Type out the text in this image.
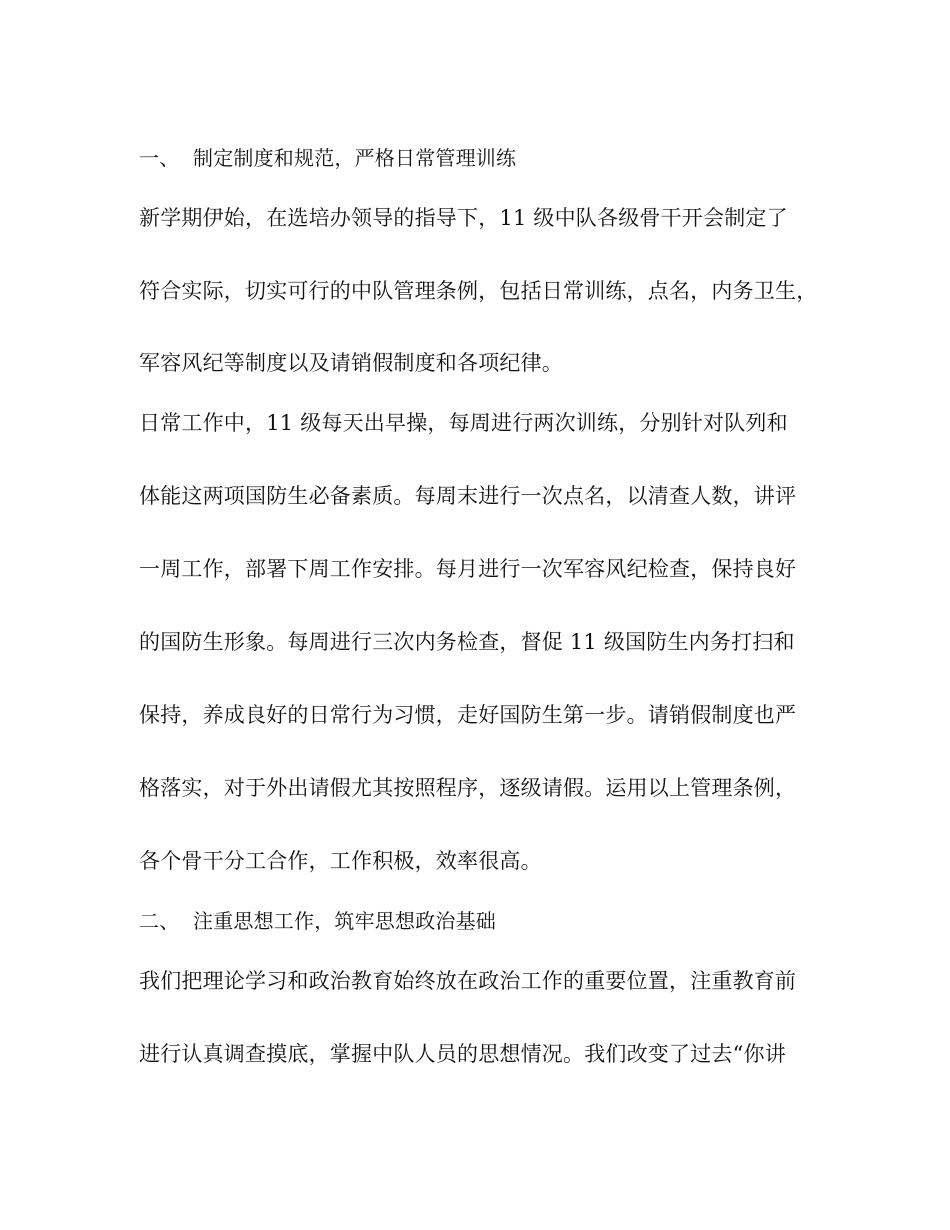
一、 制定制度和规范，严格日常管理训练
新学期伊始，在选培办领导的指导下，11 级中队各级骨干开会制定了
符合实际，切实可行的中队管理条例，包括日常训练，点名，内务卫生，
军容风纪等制度以及请销假制度和各项纪律。
日常工作中，11 级每天出早操，每周进行两次训练，分别针对队列和
体能这两项国防生必备素质。每周末进行一次点名，以清查人数，讲评
一周工作，部署下周工作安排。每月进行一次军容风纪检查，保持良好
的国防生形象。每周进行三次内务检查，督促 11 级国防生内务打扫和
保持，养成良好的日常行为习惯，走好国防生第一步。请销假制度也严
格落实，对于外出请假尤其按照程序，逐级请假。运用以上管理条例，
各个骨干分工合作，工作积极，效率很高。
二、 注重思想工作，筑牢思想政治基础
我们把理论学习和政治教育始终放在政治工作的重要位置，注重教育前
进行认真调查摸底，掌握中队人员的思想情况。我们改变了过去“你讲
